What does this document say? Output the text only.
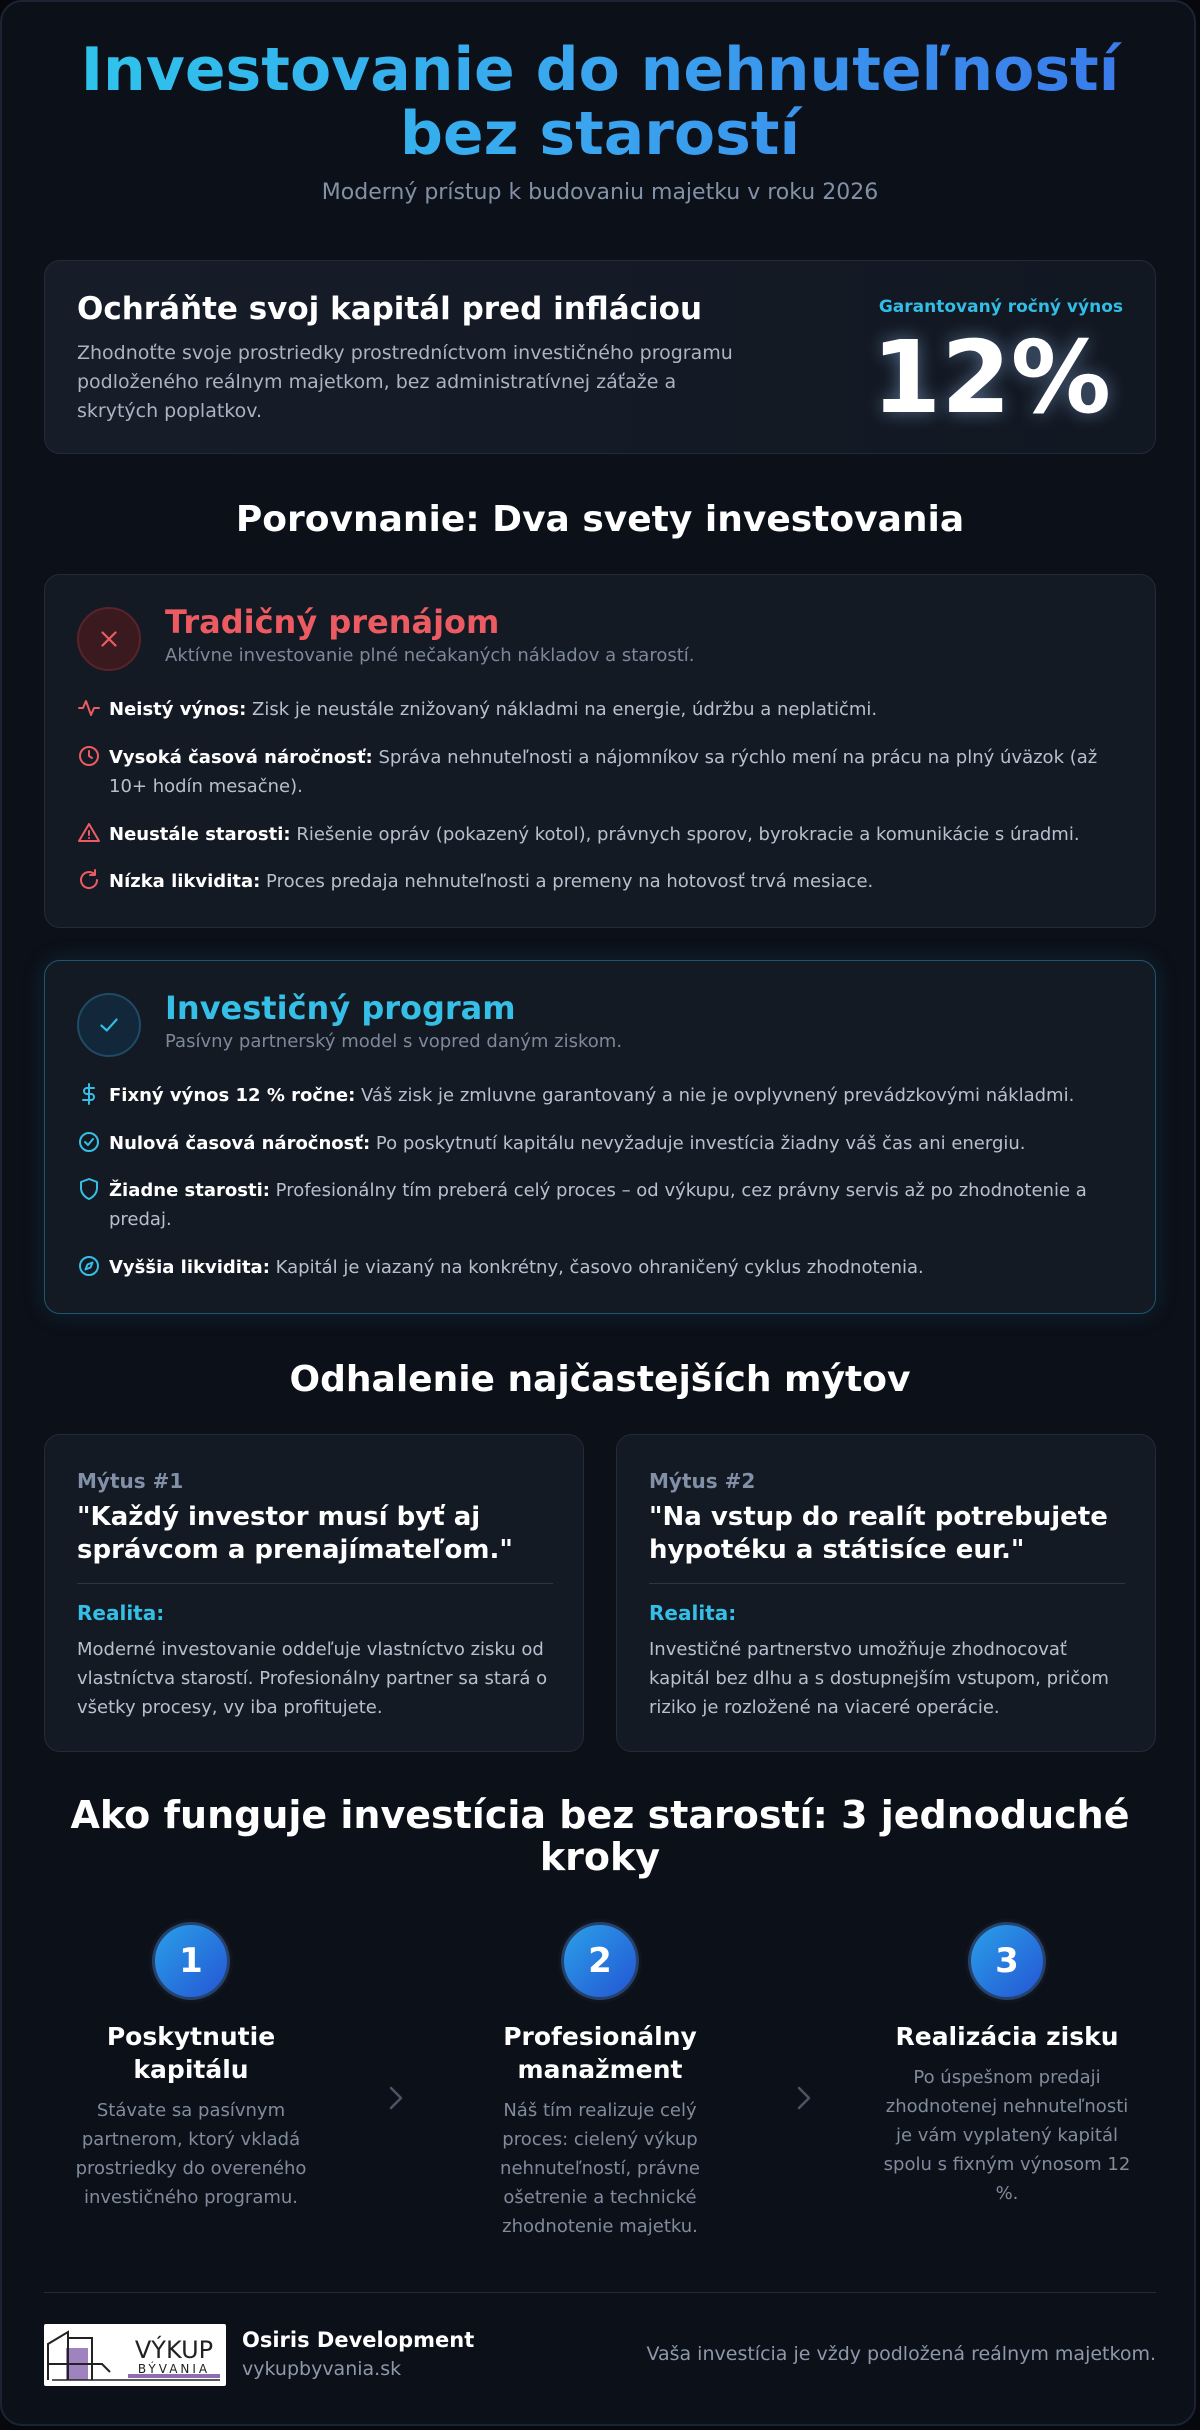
Investovanie do nehnuteľností
bez starostí

Moderný prístup k budovaniu majetku v roku 2026

Ochráňte svoj kapitál pred infláciou

Zhodnoťte svoje prostriedky prostredníctvom investičného programu podloženého reálnym majetkom, bez administratívnej záťaže a skrytých poplatkov.

Garantovaný ročný výnos
12%
Porovnanie: Dva svety investovania
Tradičný prenájom

Aktívne investovanie plné nečakaných nákladov a starostí.

Neistý výnos: Zisk je neustále znižovaný nákladmi na energie, údržbu a neplatičmi.
Vysoká časová náročnosť: Správa nehnuteľnosti a nájomníkov sa rýchlo mení na prácu na plný úväzok (až 10+ hodín mesačne).
Neustále starosti: Riešenie opráv (pokazený kotol), právnych sporov, byrokracie a komunikácie s úradmi.
Nízka likvidita: Proces predaja nehnuteľnosti a premeny na hotovosť trvá mesiace.
Investičný program

Pasívny partnerský model s vopred daným ziskom.

Fixný výnos 12 % ročne: Váš zisk je zmluvne garantovaný a nie je ovplyvnený prevádzkovými nákladmi.
Nulová časová náročnosť: Po poskytnutí kapitálu nevyžaduje investícia žiadny váš čas ani energiu.
Žiadne starosti: Profesionálny tím preberá celý proces – od výkupu, cez právny servis až po zhodnotenie a predaj.
Vyššia likvidita: Kapitál je viazaný na konkrétny, časovo ohraničený cyklus zhodnotenia.
Odhalenie najčastejších mýtov
Mýtus #1
"Každý investor musí byť aj správcom a prenajímateľom."
Realita:
Moderné investovanie oddeľuje vlastníctvo zisku od vlastníctva starostí. Profesionálny partner sa stará o všetky procesy, vy iba profitujete.
Mýtus #2
"Na vstup do realít potrebujete hypotéku a státisíce eur."
Realita:
Investičné partnerstvo umožňuje zhodnocovať kapitál bez dlhu a s dostupnejším vstupom, pričom riziko je rozložené na viaceré operácie.
Ako funguje investícia bez starostí: 3 jednoduché kroky
1
Poskytnutie kapitálu
Stávate sa pasívnym partnerom, ktorý vkladá prostriedky do overeného investičného programu.
2
Profesionálny manažment
Náš tím realizuje celý proces: cielený výkup nehnuteľností, právne ošetrenie a technické zhodnotenie majetku.
3
Realizácia zisku
Po úspešnom predaji zhodnotenej nehnuteľnosti je vám vyplatený kapitál spolu s fixným výnosom 12 %.
VÝKUP
BÝVANIA
Osiris Development
vykupbyvania.sk
Vaša investícia je vždy podložená reálnym majetkom.
